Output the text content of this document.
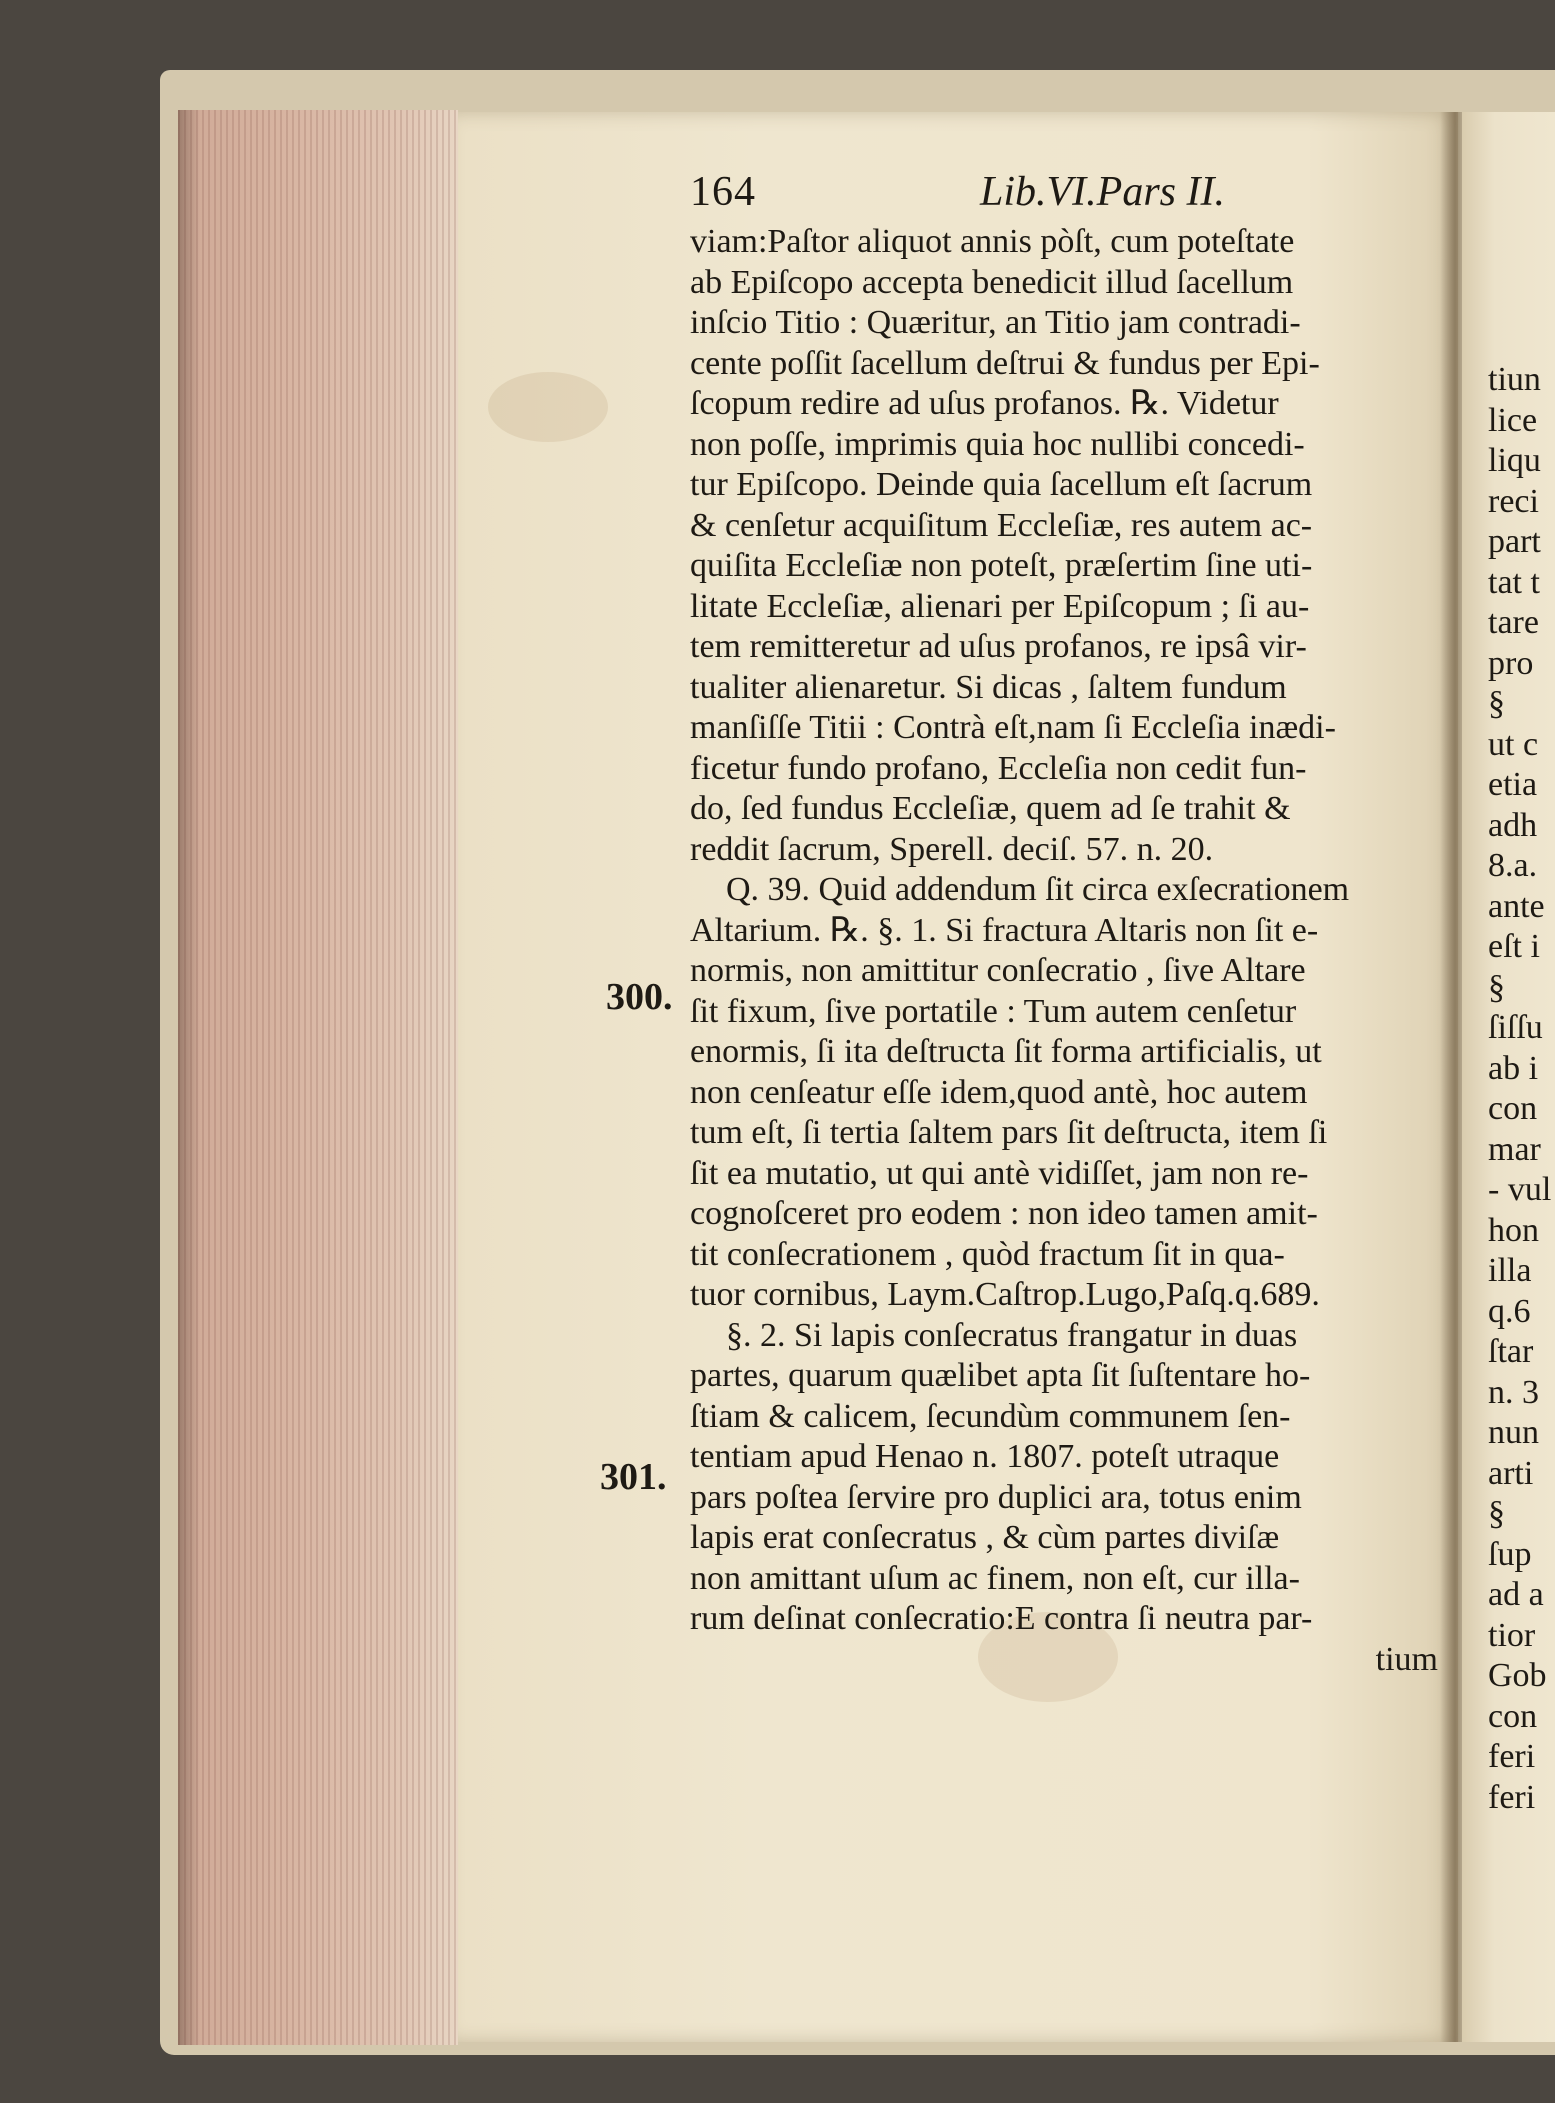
tiun
lice
liqu
reci
part
tat t
tare
pro
§
ut c
etia
adh
8.a.
ante
eſt i
§
ſiſſu
ab i
con
mar
- vul
hon
illa
q.6
ſtar
n. 3
nun
arti
§
ſup
ad a
tior
Gob
con
feri
feri
164	Lib.VI.Pars II.
300.
301.
viam:Paſtor aliquot annis pòſt, cum poteſtate
ab Epiſcopo accepta benedicit illud ſacellum
inſcio Titio : Quæritur, an Titio jam contradi-
cente poſſit ſacellum deſtrui & fundus per Epi-
ſcopum redire ad uſus profanos. ℞. Videtur
non poſſe, imprimis quia hoc nullibi concedi-
tur Epiſcopo. Deinde quia ſacellum eſt ſacrum
& cenſetur acquiſitum Eccleſiæ, res autem ac-
quiſita Eccleſiæ non poteſt, præſertim ſine uti-
litate Eccleſiæ, alienari per Epiſcopum ; ſi au-
tem remitteretur ad uſus profanos, re ipsâ vir-
tualiter alienaretur. Si dicas , ſaltem fundum
manſiſſe Titii : Contrà eſt,nam ſi Eccleſia inædi-
ficetur fundo profano, Eccleſia non cedit fun-
do, ſed fundus Eccleſiæ, quem ad ſe trahit &
reddit ſacrum, Sperell. deciſ. 57. n. 20.
Q. 39. Quid addendum ſit circa exſecrationem
Altarium. ℞. §. 1. Si fractura Altaris non ſit e-
normis, non amittitur conſecratio , ſive Altare
ſit fixum, ſive portatile : Tum autem cenſetur
enormis, ſi ita deſtructa ſit forma artificialis, ut
non cenſeatur eſſe idem,quod antè, hoc autem
tum eſt, ſi tertia ſaltem pars ſit deſtructa, item ſi
ſit ea mutatio, ut qui antè vidiſſet, jam non re-
cognoſceret pro eodem : non ideo tamen amit-
tit conſecrationem , quòd fractum ſit in qua-
tuor cornibus, Laym.Caſtrop.Lugo,Paſq.q.689.
§. 2. Si lapis conſecratus frangatur in duas
partes, quarum quælibet apta ſit ſuſtentare ho-
ſtiam & calicem, ſecundùm communem ſen-
tentiam apud Henao n. 1807. poteſt utraque
pars poſtea ſervire pro duplici ara, totus enim
lapis erat conſecratus , & cùm partes diviſæ
non amittant uſum ac finem, non eſt, cur illa-
rum deſinat conſecratio:E contra ſi neutra par-
tium
